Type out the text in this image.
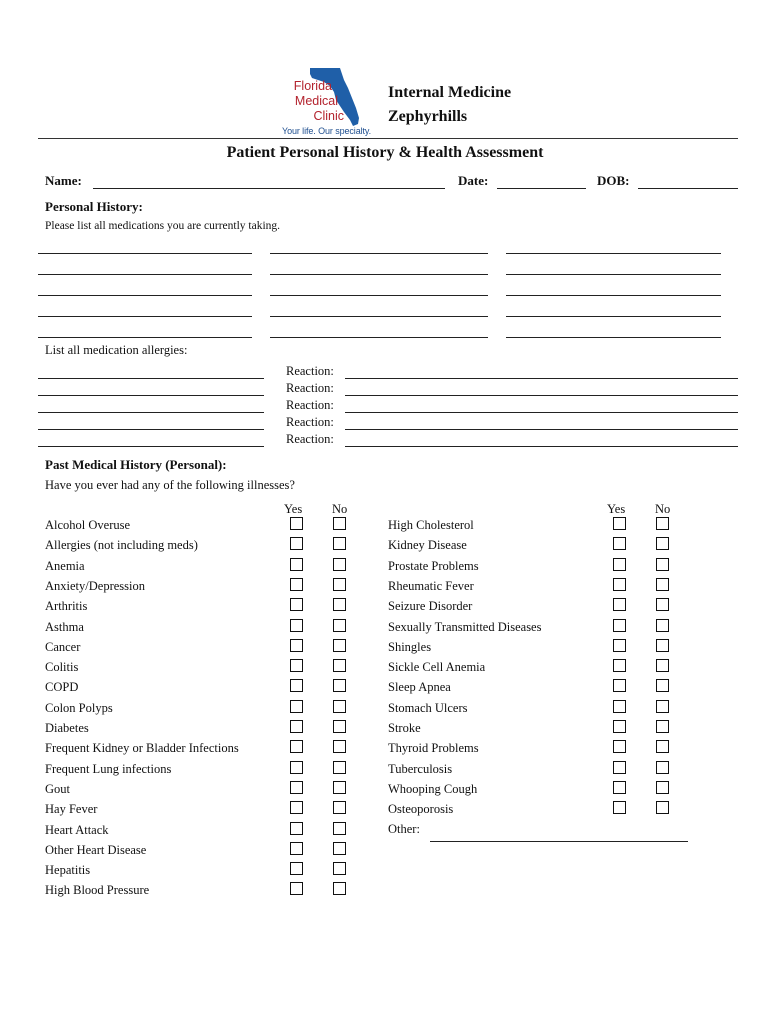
Florida
Medical
Clinic
Your life. Our specialty.
Internal Medicine
Zephyrhills
Patient Personal History & Health Assessment
Name:	Date:	DOB:
Personal History:
Please list all medications you are currently taking.
List all medication allergies:
Reaction:
Reaction:
Reaction:
Reaction:
Reaction:
Past Medical History (Personal):
Have you ever had any of the following illnesses?
Yes No	Yes No
Alcohol Overuse
Allergies (not including meds)
Anemia
Anxiety/Depression
Arthritis
Asthma
Cancer
Colitis
COPD
Colon Polyps
Diabetes
Frequent Kidney or Bladder Infections
Frequent Lung infections
Gout
Hay Fever
Heart Attack
Other Heart Disease
Hepatitis
High Blood Pressure
High Cholesterol
Kidney Disease
Prostate Problems
Rheumatic Fever
Seizure Disorder
Sexually Transmitted Diseases
Shingles
Sickle Cell Anemia
Sleep Apnea
Stomach Ulcers
Stroke
Thyroid Problems
Tuberculosis
Whooping Cough
Osteoporosis
Other:
